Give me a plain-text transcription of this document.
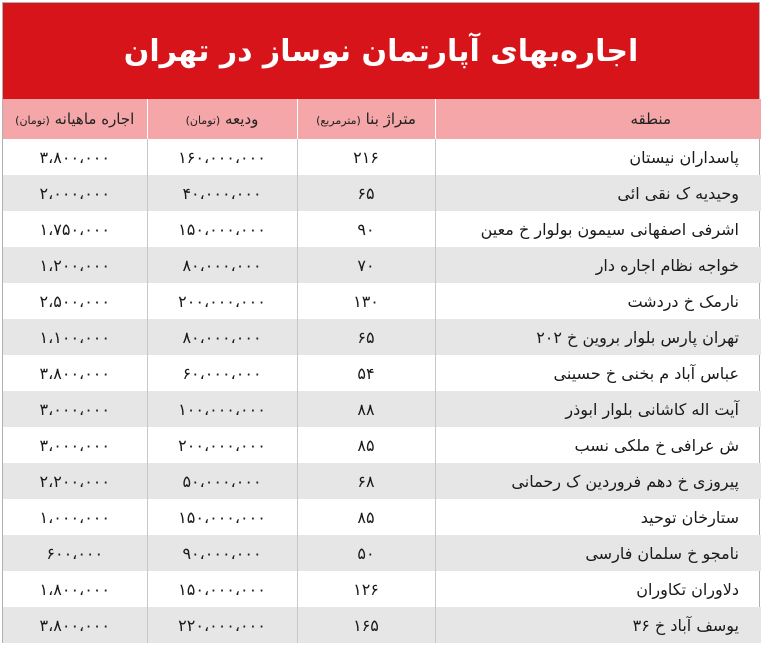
اجاره‌بهای آپارتمان نوساز در تهران
منطقه	متراژ بنا (مترمربع)	ودیعه (تومان)	اجاره ماهیانه (تومان)
پاسداران نیستان	۲۱۶	۱۶۰،۰۰۰،۰۰۰	۳،۸۰۰،۰۰۰
وحیدیه ک نقی ائی	۶۵	۴۰،۰۰۰،۰۰۰	۲،۰۰۰،۰۰۰
اشرفی اصفهانی سیمون بولوار خ معین	۹۰	۱۵۰،۰۰۰،۰۰۰	۱،۷۵۰،۰۰۰
خواجه نظام اجاره دار	۷۰	۸۰،۰۰۰،۰۰۰	۱،۲۰۰،۰۰۰
نارمک خ دردشت	۱۳۰	۲۰۰،۰۰۰،۰۰۰	۲،۵۰۰،۰۰۰
تهران پارس بلوار بروین خ ۲۰۲	۶۵	۸۰،۰۰۰،۰۰۰	۱،۱۰۰،۰۰۰
عباس آباد م بخنی خ حسینی	۵۴	۶۰،۰۰۰،۰۰۰	۳،۸۰۰،۰۰۰
آیت اله کاشانی بلوار ابوذر	۸۸	۱۰۰،۰۰۰،۰۰۰	۳،۰۰۰،۰۰۰
ش عرافی خ ملکی نسب	۸۵	۲۰۰،۰۰۰،۰۰۰	۳،۰۰۰،۰۰۰
پیروزی خ دهم فروردین ک رحمانی	۶۸	۵۰،۰۰۰،۰۰۰	۲،۲۰۰،۰۰۰
ستارخان توحید	۸۵	۱۵۰،۰۰۰،۰۰۰	۱،۰۰۰،۰۰۰
نامجو خ سلمان فارسی	۵۰	۹۰،۰۰۰،۰۰۰	۶۰۰،۰۰۰
دلاوران تکاوران	۱۲۶	۱۵۰،۰۰۰،۰۰۰	۱،۸۰۰،۰۰۰
یوسف آباد خ ۳۶	۱۶۵	۲۲۰،۰۰۰،۰۰۰	۳،۸۰۰،۰۰۰
